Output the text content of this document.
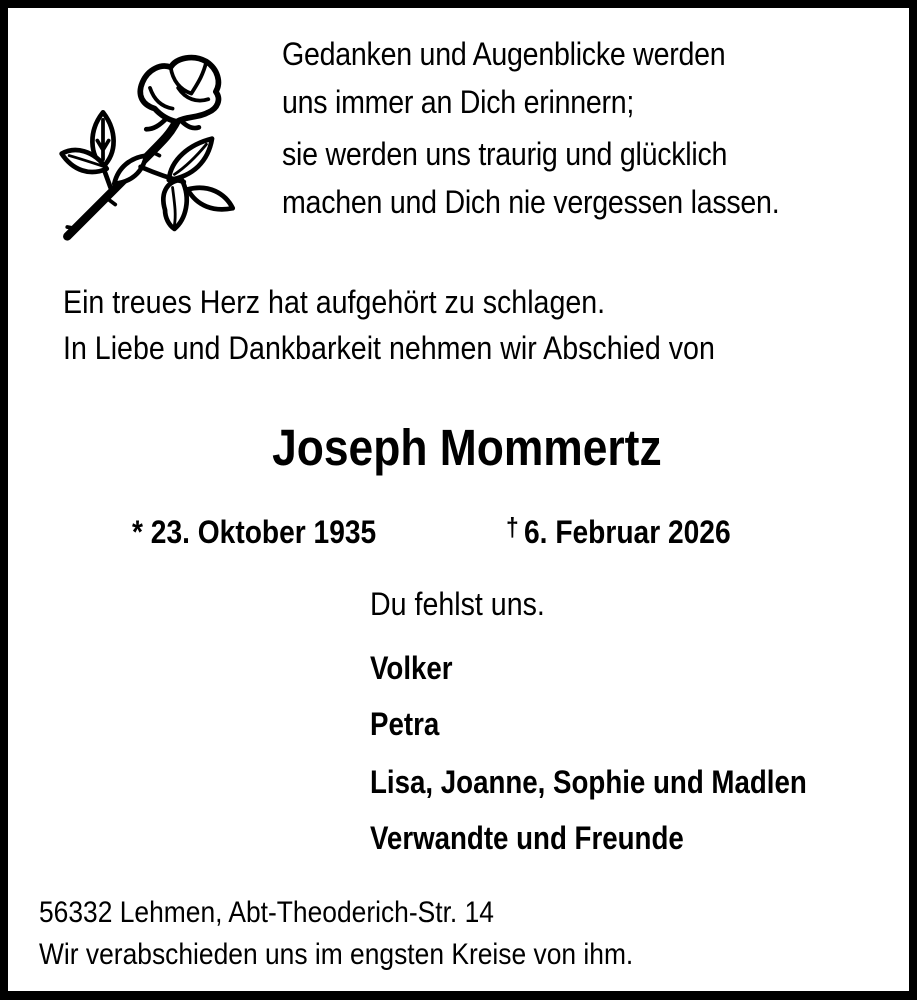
Gedanken und Augenblicke werden
uns immer an Dich erinnern;
sie werden uns traurig und glücklich
machen und Dich nie vergessen lassen.
Ein treues Herz hat aufgehört zu schlagen.
In Liebe und Dankbarkeit nehmen wir Abschied von
Joseph Mommertz
* 23. Oktober 1935	† 6. Februar 2026
Du fehlst uns.
Volker
Petra
Lisa, Joanne, Sophie und Madlen
Verwandte und Freunde
56332 Lehmen, Abt-Theoderich-Str. 14
Wir verabschieden uns im engsten Kreise von ihm.
